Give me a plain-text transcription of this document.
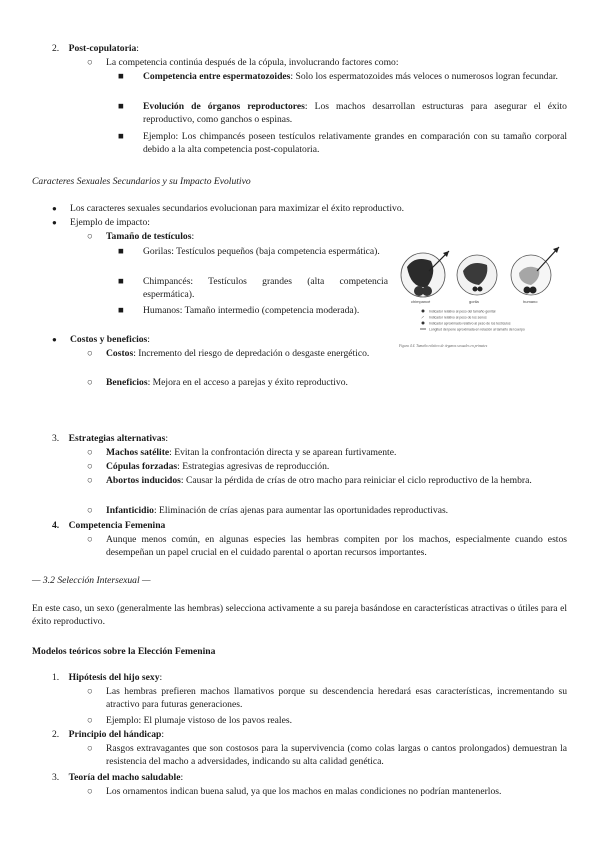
2. Post-copulatoria:
○ La competencia continúa después de la cópula, involucrando factores como:
■ Competencia entre espermatozoides: Solo los espermatozoides más veloces o numerosos logran fecundar.
■ Evolución de órganos reproductores: Los machos desarrollan estructuras para asegurar el éxito reproductivo, como ganchos o espinas.
■ Ejemplo: Los chimpancés poseen testículos relativamente grandes en comparación con su tamaño corporal debido a la alta competencia post-copulatoria.
Caracteres Sexuales Secundarios y su Impacto Evolutivo
● Los caracteres sexuales secundarios evolucionan para maximizar el éxito reproductivo.
● Ejemplo de impacto:
○ Tamaño de testículos:
■ Gorilas: Testículos pequeños (baja competencia espermática).
■ Chimpancés: Testículos grandes (alta competencia espermática).
■ Humanos: Tamaño intermedio (competencia moderada).
● Costos y beneficios:
○ Costos: Incremento del riesgo de depredación o desgaste energético.
○ Beneficios: Mejora en el acceso a parejas y éxito reproductivo.
chimpancé	gorila	humano
Indicador relativo al peso del tamaño genital
↗ Indicador relativo al peso de los senos
Indicador aproximado relativo al peso de los testículos
Longitud del pene aproximada en relación al tamaño del cuerpo
Figura 4.4. Tamaño relativo de órganos sexuales en primates
3. Estrategias alternativas:
○ Machos satélite: Evitan la confrontación directa y se aparean furtivamente.
○ Cópulas forzadas: Estrategias agresivas de reproducción.
○ Abortos inducidos: Causar la pérdida de crías de otro macho para reiniciar el ciclo reproductivo de la hembra.
○ Infanticidio: Eliminación de crías ajenas para aumentar las oportunidades reproductivas.
4. Competencia Femenina
○ Aunque menos común, en algunas especies las hembras compiten por los machos, especialmente cuando estos desempeñan un papel crucial en el cuidado parental o aportan recursos importantes.
— 3.2 Selección Intersexual —
En este caso, un sexo (generalmente las hembras) selecciona activamente a su pareja basándose en características atractivas o útiles para el éxito reproductivo.
Modelos teóricos sobre la Elección Femenina
1. Hipótesis del hijo sexy:
○ Las hembras prefieren machos llamativos porque su descendencia heredará esas características, incrementando su atractivo para futuras generaciones.
○ Ejemplo: El plumaje vistoso de los pavos reales.
2. Principio del hándicap:
○ Rasgos extravagantes que son costosos para la supervivencia (como colas largas o cantos prolongados) demuestran la resistencia del macho a adversidades, indicando su alta calidad genética.
3. Teoría del macho saludable:
○ Los ornamentos indican buena salud, ya que los machos en malas condiciones no podrían mantenerlos.
